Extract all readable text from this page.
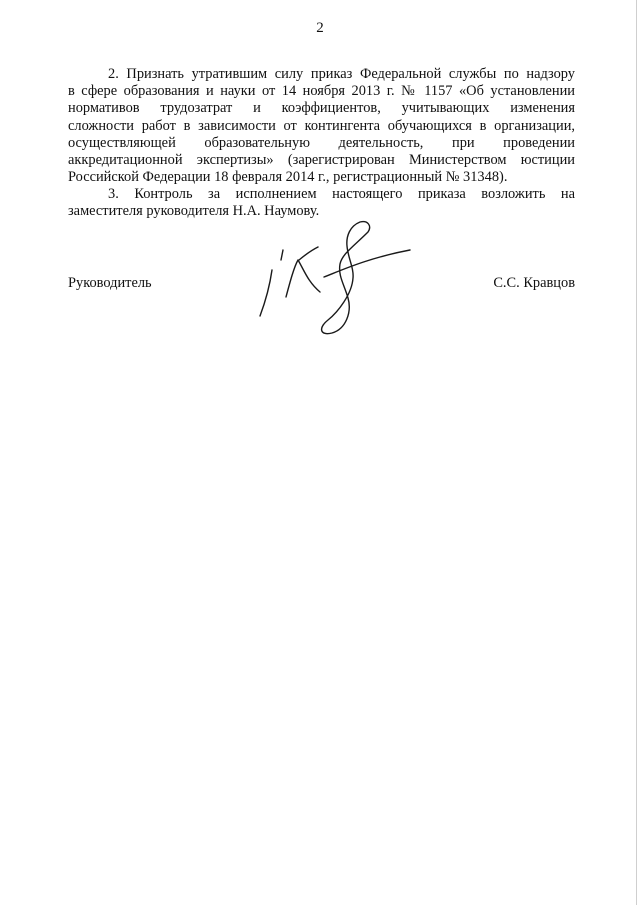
2
2. Признать утратившим силу приказ Федеральной службы по надзору
в сфере образования и науки от 14 ноября 2013 г. № 1157 «Об установлении
нормативов трудозатрат и коэффициентов, учитывающих изменения
сложности работ в зависимости от контингента обучающихся в организации,
осуществляющей образовательную деятельность, при проведении
аккредитационной экспертизы» (зарегистрирован Министерством юстиции
Российской Федерации 18 февраля 2014 г., регистрационный № 31348).
3. Контроль за исполнением настоящего приказа возложить на
заместителя руководителя Н.А. Наумову.
Руководитель	С.С. Кравцов
